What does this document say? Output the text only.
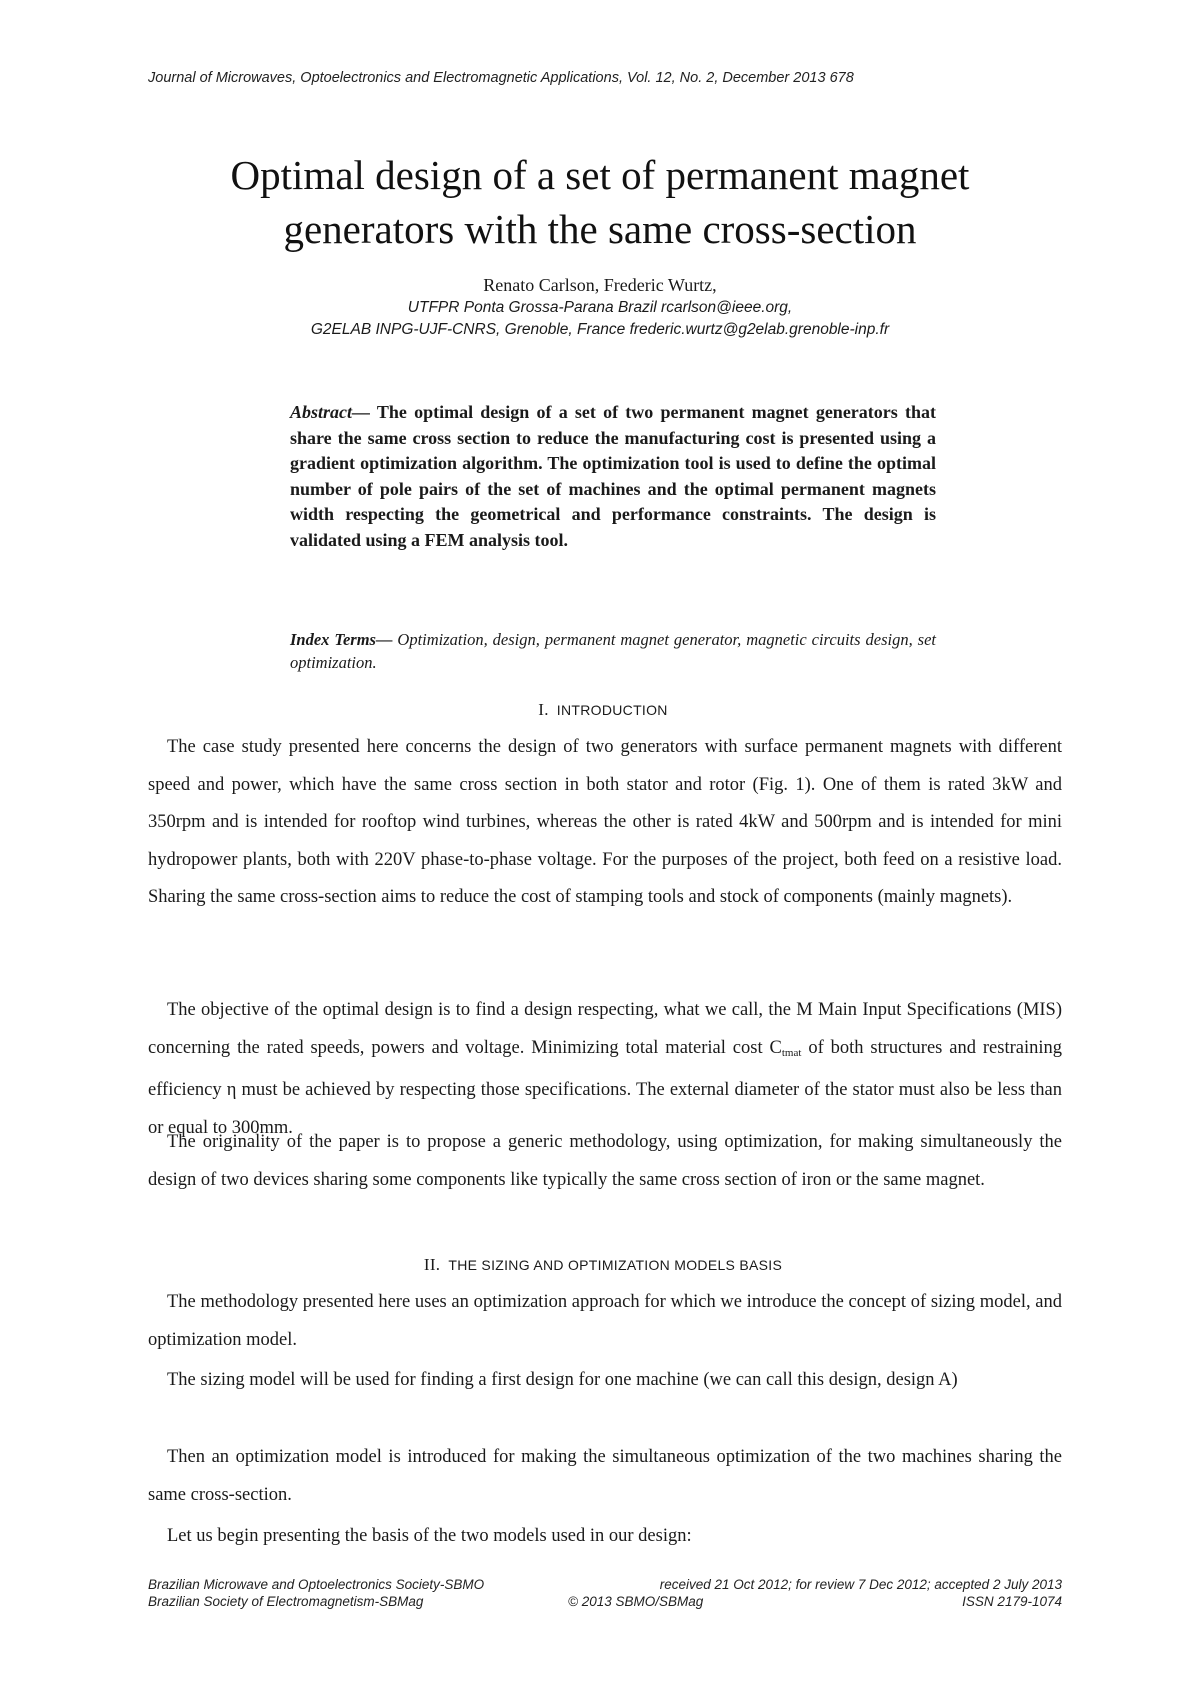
Journal of Microwaves, Optoelectronics and Electromagnetic Applications, Vol. 12, No. 2, December 2013 678
Optimal design of a set of permanent magnet
generators with the same cross-section
Renato Carlson, Frederic Wurtz,
UTFPR Ponta Grossa-Parana Brazil rcarlson@ieee.org,
G2ELAB INPG-UJF-CNRS, Grenoble, France frederic.wurtz@g2elab.grenoble-inp.fr
Abstract— The optimal design of a set of two permanent magnet generators that share the same cross section to reduce the manufacturing cost is presented using a gradient optimization algorithm. The optimization tool is used to define the optimal number of pole pairs of the set of machines and the optimal permanent magnets width respecting the geometrical and performance constraints. The design is validated using a FEM analysis tool.
Index Terms— Optimization, design, permanent magnet generator, magnetic circuits design, set optimization.
I. INTRODUCTION
The case study presented here concerns the design of two generators with surface permanent magnets with different speed and power, which have the same cross section in both stator and rotor (Fig. 1). One of them is rated 3kW and 350rpm and is intended for rooftop wind turbines, whereas the other is rated 4kW and 500rpm and is intended for mini hydropower plants, both with 220V phase-to-phase voltage. For the purposes of the project, both feed on a resistive load. Sharing the same cross-section aims to reduce the cost of stamping tools and stock of components (mainly magnets).
The objective of the optimal design is to find a design respecting, what we call, the M Main Input Specifications (MIS) concerning the rated speeds, powers and voltage. Minimizing total material cost $C_{tmat}$ of both structures and restraining efficiency η must be achieved by respecting those specifications. The external diameter of the stator must also be less than or equal to 300mm.
The originality of the paper is to propose a generic methodology, using optimization, for making simultaneously the design of two devices sharing some components like typically the same cross section of iron or the same magnet.
II. THE SIZING AND OPTIMIZATION MODELS BASIS
The methodology presented here uses an optimization approach for which we introduce the concept of sizing model, and optimization model.
The sizing model will be used for finding a first design for one machine (we can call this design, design A)
Then an optimization model is introduced for making the simultaneous optimization of the two machines sharing the same cross-section.
Let us begin presenting the basis of the two models used in our design:
Brazilian Microwave and Optoelectronics Society-SBMO	received 21 Oct 2012; for review 7 Dec 2012; accepted 2 July 2013
Brazilian Society of Electromagnetism-SBMag	© 2013 SBMO/SBMag	ISSN 2179-1074
